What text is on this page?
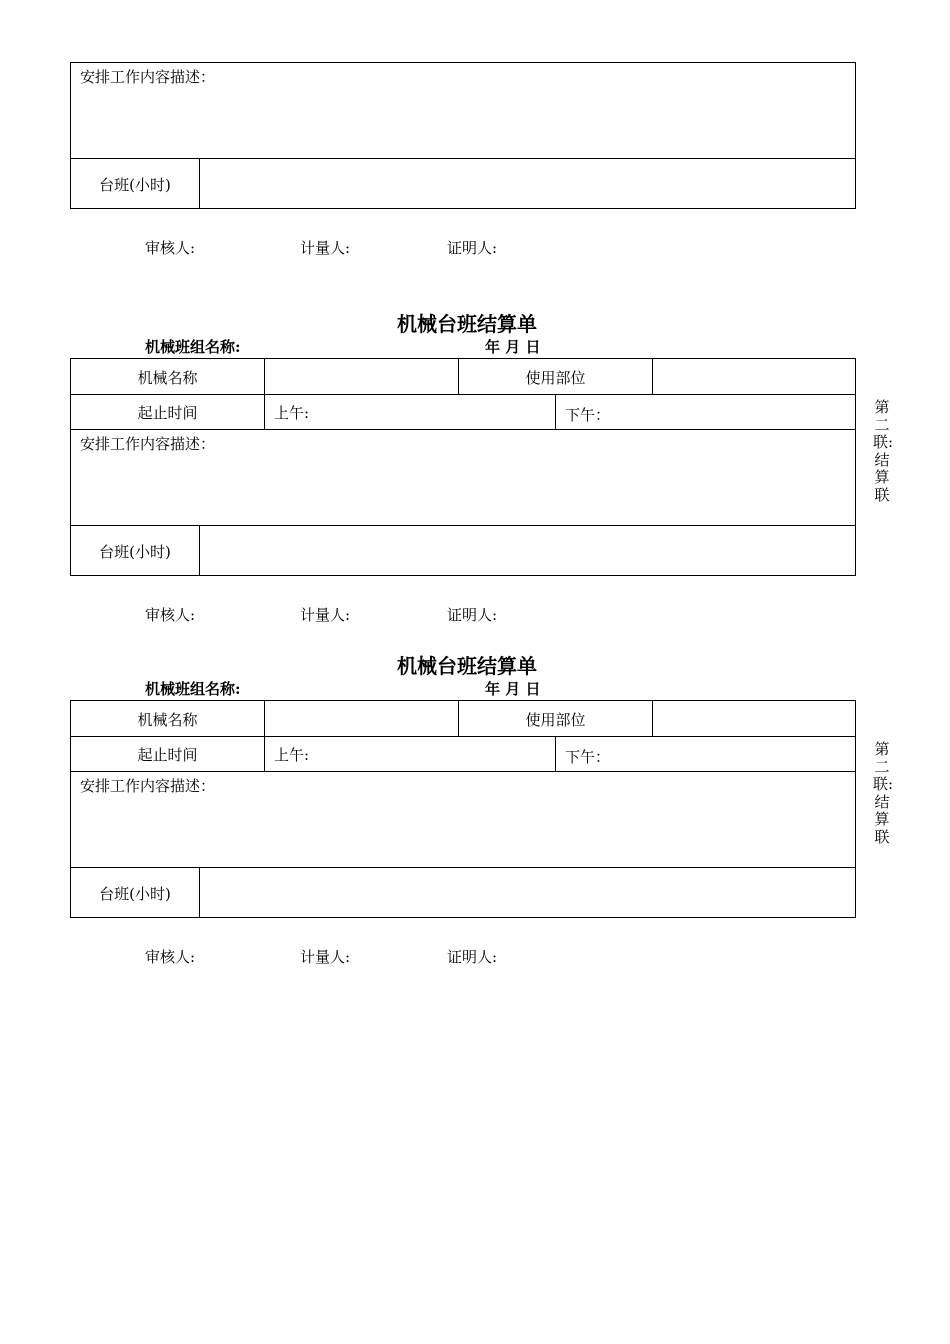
安排工作内容描述：
台班(小时)
审核人:	计量人:	证明人:
机械台班结算单
机械班组名称:	年 月 日
机械名称	使用部位
起止时间	上午:	下午：
安排工作内容描述：
台班(小时)
第二联:结算联
审核人:	计量人:	证明人:
机械台班结算单
机械班组名称:	年 月 日
机械名称	使用部位
起止时间	上午:	下午：
安排工作内容描述：
台班(小时)
第二联:结算联
审核人:	计量人:	证明人:
